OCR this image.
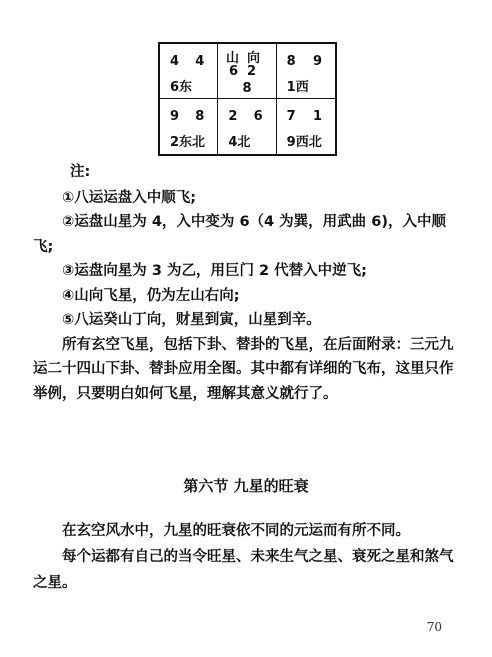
4 4
6东
山向
62
8
8 9
1西
9 8
2东北
2 6
4北
7 1
9西北

注:

①八运运盘入中顺飞;

②运盘山星为 4，入中变为 6（4 为巽，用武曲 6)，入中顺飞;

③运盘向星为 3 为乙，用巨门 2 代替入中逆飞;

④山向飞星，仍为左山右向;

⑤八运癸山丁向，财星到寅，山星到辛。

所有玄空飞星，包括下卦、替卦的飞星，在后面附录：三元九运二十四山下卦、替卦应用全图。其中都有详细的飞布，这里只作举例，只要明白如何飞星，理解其意义就行了。

第六节 九星的旺衰

在玄空风水中，九星的旺衰依不同的元运而有所不同。

每个运都有自己的当令旺星、未来生气之星、衰死之星和煞气之星。

70
